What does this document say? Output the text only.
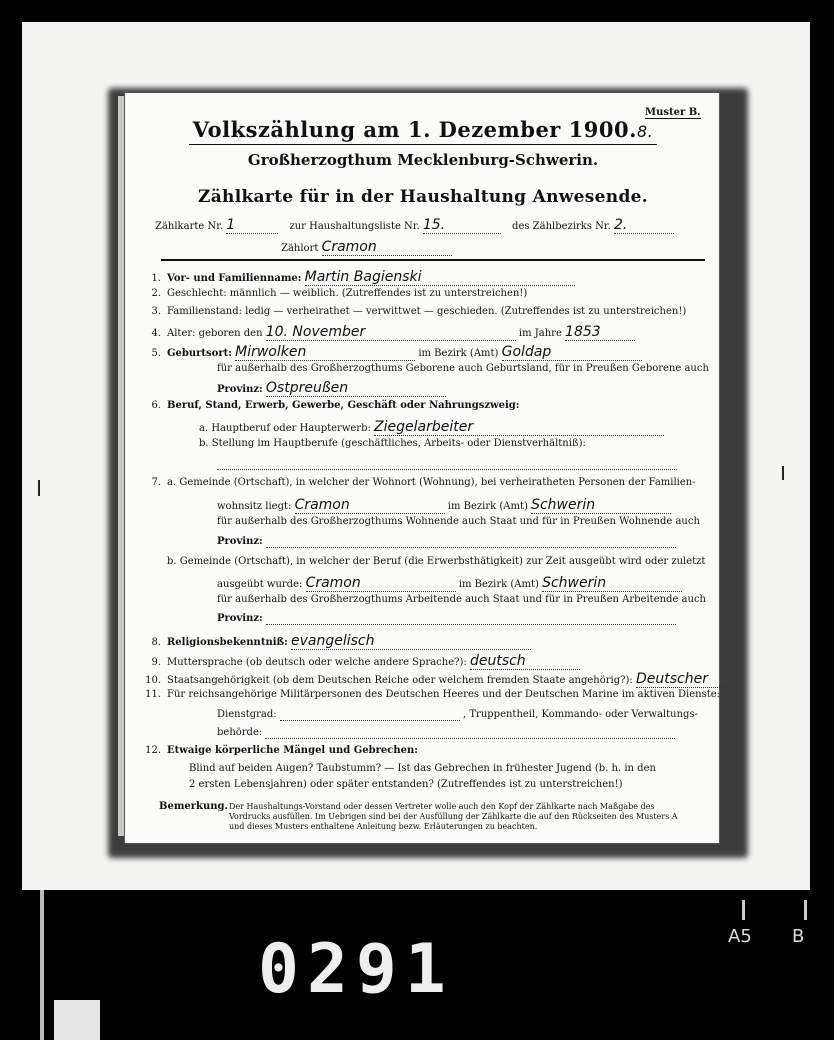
Muster B.
Volkszählung am 1. Dezember 1900.8.
Großherzogthum Mecklenburg-Schwerin.
Zählkarte für in der Haushaltung Anwesende.
Zählkarte Nr. 1	zur Haushaltungsliste Nr. 15.	des Zählbezirks Nr. 2.
Zählort Cramon
1. Vor- und Familienname: Martin Bagienski
2. Geschlecht: männlich — weiblich. (Zutreffendes ist zu unterstreichen!)
3. Familienstand: ledig — verheirathet — verwittwet — geschieden. (Zutreffendes ist zu unterstreichen!)
4. Alter: geboren den 10. November	im Jahre 1853
5. Geburtsort: Mirwolken	im Bezirk (Amt) Goldap
für außerhalb des Großherzogthums Geborene auch Geburtsland, für in Preußen Geborene auch
Provinz: Ostpreußen
6. Beruf, Stand, Erwerb, Gewerbe, Geschäft oder Nahrungszweig:
a. Hauptberuf oder Haupterwerb: Ziegelarbeiter
b. Stellung im Hauptberufe (geschäftliches, Arbeits- oder Dienstverhältniß):
7. a. Gemeinde (Ortschaft), in welcher der Wohnort (Wohnung), bei verheiratheten Personen der Familien-
wohnsitz liegt: Cramon	im Bezirk (Amt) Schwerin
für außerhalb des Großherzogthums Wohnende auch Staat und für in Preußen Wohnende auch
Provinz:
b. Gemeinde (Ortschaft), in welcher der Beruf (die Erwerbsthätigkeit) zur Zeit ausgeübt wird oder zuletzt
ausgeübt wurde: Cramon	im Bezirk (Amt) Schwerin
für außerhalb des Großherzogthums Arbeitende auch Staat und für in Preußen Arbeitende auch
Provinz:
8. Religionsbekenntniß: evangelisch
9. Muttersprache (ob deutsch oder welche andere Sprache?): deutsch
10. Staatsangehörigkeit (ob dem Deutschen Reiche oder welchem fremden Staate angehörig?): Deutscher
11. Für reichsangehörige Militärpersonen des Deutschen Heeres und der Deutschen Marine im aktiven Dienste:
Dienstgrad:	, Truppentheil, Kommando- oder Verwaltungs-
behörde:
12. Etwaige körperliche Mängel und Gebrechen:
Blind auf beiden Augen? Taubstumm? — Ist das Gebrechen in frühester Jugend (b. h. in den
2 ersten Lebensjahren) oder später entstanden? (Zutreffendes ist zu unterstreichen!)
Bemerkung. Der Haushaltungs-Vorstand oder dessen Vertreter wolle auch den Kopf der Zählkarte nach Maßgabe des
Vordrucks ausfüllen. Im Uebrigen sind bei der Ausfüllung der Zählkarte die auf den Rückseiten des Musters A
und dieses Musters enthaltene Anleitung bezw. Erläuterungen zu beachten.
0291	A5 B
